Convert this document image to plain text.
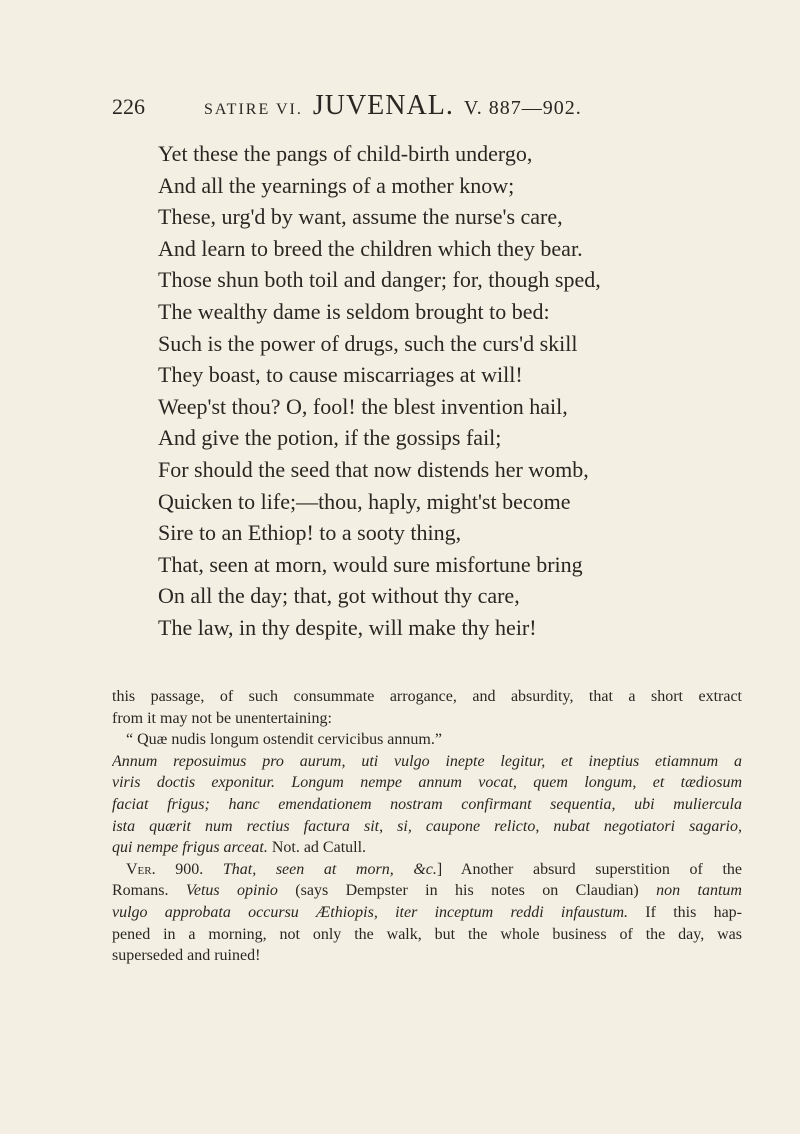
226	SATIRE VI. JUVENAL. V. 887—902.
Yet these the pangs of child-birth undergo,
And all the yearnings of a mother know;
These, urg'd by want, assume the nurse's care,
And learn to breed the children which they bear.
Those shun both toil and danger; for, though sped,
The wealthy dame is seldom brought to bed:
Such is the power of drugs, such the curs'd skill
They boast, to cause miscarriages at will!
Weep'st thou? O, fool! the blest invention hail,
And give the potion, if the gossips fail;
For should the seed that now distends her womb,
Quicken to life;—thou, haply, might'st become
Sire to an Ethiop! to a sooty thing,
That, seen at morn, would sure misfortune bring
On all the day; that, got without thy care,
The law, in thy despite, will make thy heir!
this passage, of such consummate arrogance, and absurdity, that a short extract
from it may not be unentertaining:
“ Quæ nudis longum ostendit cervicibus annum.”
Annum reposuimus pro aurum, uti vulgo inepte legitur, et ineptius etiamnum a
viris doctis exponitur. Longum nempe annum vocat, quem longum, et tædiosum
faciat frigus; hanc emendationem nostram confirmant sequentia, ubi muliercula
ista quærit num rectius factura sit, si, caupone relicto, nubat negotiatori sagario,
qui nempe frigus arceat. Not. ad Catull.
Ver. 900. That, seen at morn, &c.] Another absurd superstition of the
Romans. Vetus opinio (says Dempster in his notes on Claudian) non tantum
vulgo approbata occursu Æthiopis, iter inceptum reddi infaustum. If this hap-
pened in a morning, not only the walk, but the whole business of the day, was
superseded and ruined!
